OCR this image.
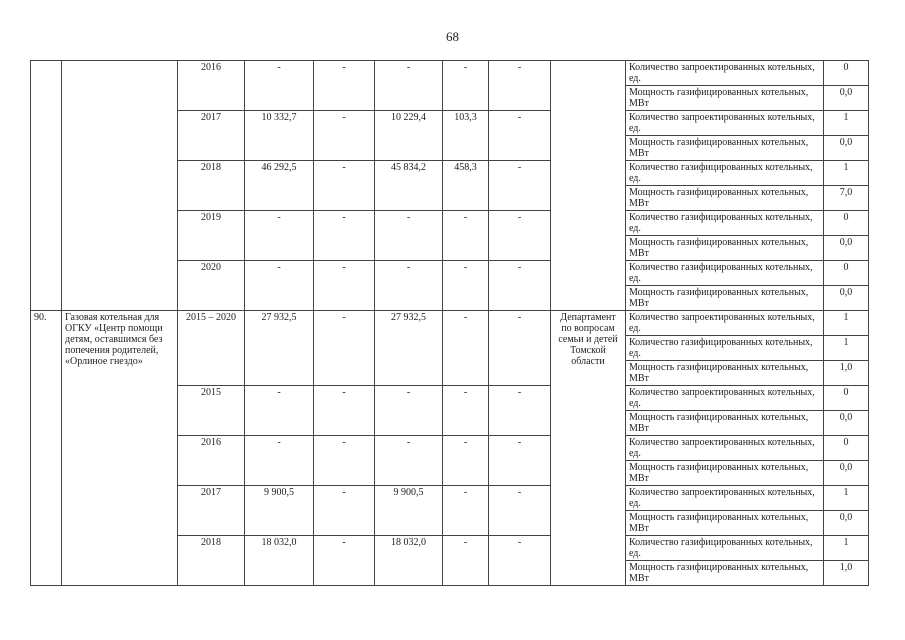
68
		2016	-	-	-	-	-		Количество запроектированных котельных, ед.	0
									Мощность газифицированных котельных, МВт	0,0
		2017	10 332,7	-	10 229,4	103,3	-		Количество запроектированных котельных, ед.	1
									Мощность газифицированных котельных, МВт	0,0
		2018	46 292,5	-	45 834,2	458,3	-		Количество газифицированных котельных, ед.	1
									Мощность газифицированных котельных, МВт	7,0
		2019	-	-	-	-	-		Количество газифицированных котельных, ед.	0
									Мощность газифицированных котельных, МВт	0,0
		2020	-	-	-	-	-		Количество газифицированных котельных, ед.	0
									Мощность газифицированных котельных, МВт	0,0
90.	Газовая котельная для ОГКУ «Центр помощи детям, оставшимся без попечения родителей, «Орлиное гнездо»	2015 – 2020	27 932,5	-	27 932,5	-	-	Департамент по вопросам семьи и детей Томской области	Количество запроектированных котельных, ед.	1
									Количество газифицированных котельных, ед.	1
									Мощность газифицированных котельных, МВт	1,0
		2015	-	-	-	-	-		Количество запроектированных котельных, ед.	0
									Мощность газифицированных котельных, МВт	0,0
		2016	-	-	-	-	-		Количество запроектированных котельных, ед.	0
									Мощность газифицированных котельных, МВт	0,0
		2017	9 900,5	-	9 900,5	-	-		Количество запроектированных котельных, ед.	1
									Мощность газифицированных котельных, МВт	0,0
		2018	18 032,0	-	18 032,0	-	-		Количество газифицированных котельных, ед.	1
									Мощность газифицированных котельных, МВт	1,0
